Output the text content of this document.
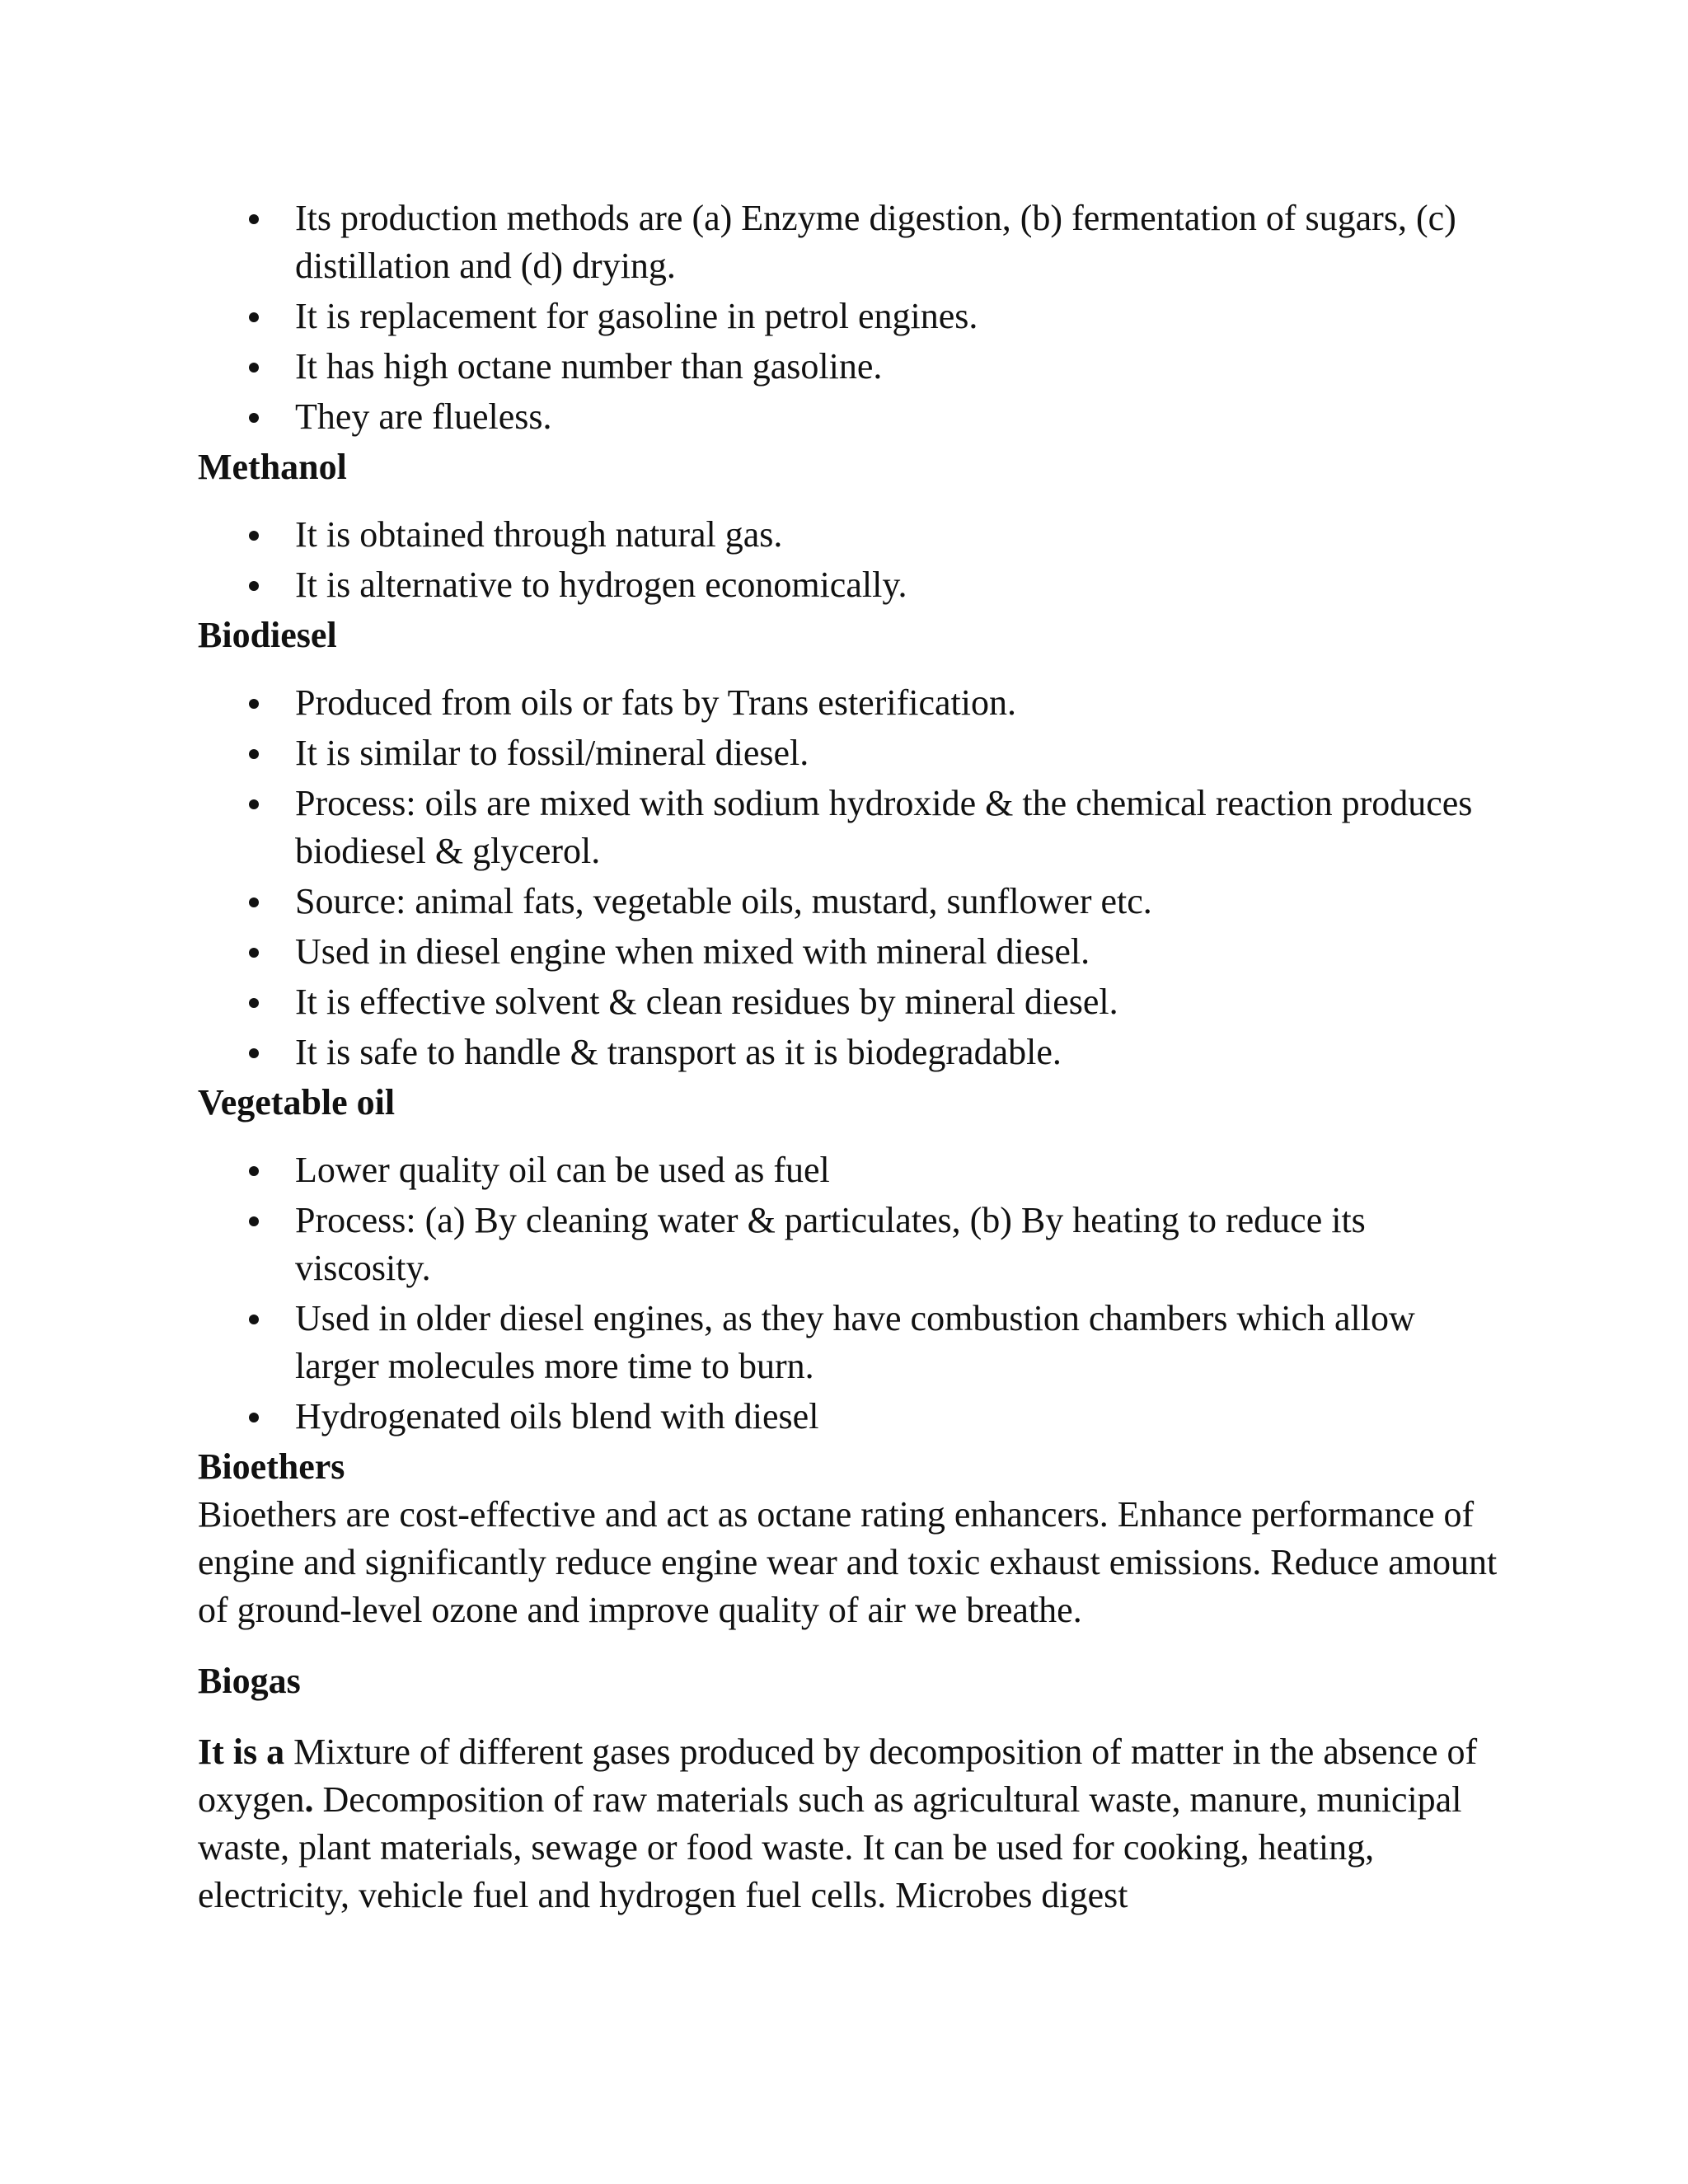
Its production methods are (a) Enzyme digestion, (b) fermentation of sugars, (c) distillation and (d) drying.
It is replacement for gasoline in petrol engines.
It has high octane number than gasoline.
They are flueless.
Methanol
It is obtained through natural gas.
It is alternative to hydrogen economically.
Biodiesel
Produced from oils or fats by Trans esterification.
It is similar to fossil/mineral diesel.
Process: oils are mixed with sodium hydroxide & the chemical reaction produces biodiesel & glycerol.
Source: animal fats, vegetable oils, mustard, sunflower etc.
Used in diesel engine when mixed with mineral diesel.
It is effective solvent & clean residues by mineral diesel.
It is safe to handle & transport as it is biodegradable.
Vegetable oil
Lower quality oil can be used as fuel
Process: (a) By cleaning water & particulates, (b) By heating to reduce its viscosity.
Used in older diesel engines, as they have combustion chambers which allow larger molecules more time to burn.
Hydrogenated oils blend with diesel
Bioethers

Bioethers are cost-effective and act as octane rating enhancers. Enhance performance of engine and significantly reduce engine wear and toxic exhaust emissions. Reduce amount of ground-level ozone and improve quality of air we breathe.

Biogas

It is a Mixture of different gases produced by decomposition of matter in the absence of oxygen. Decomposition of raw materials such as agricultural waste, manure, municipal waste, plant materials, sewage or food waste. It can be used for cooking, heating, electricity, vehicle fuel and hydrogen fuel cells. Microbes digest
